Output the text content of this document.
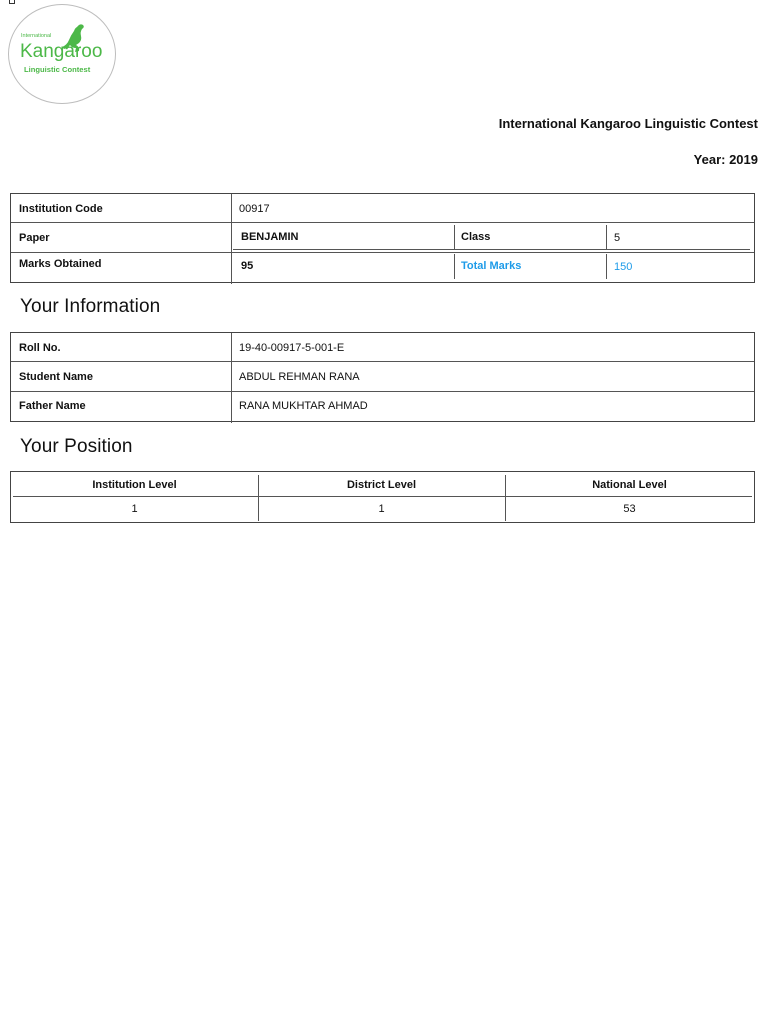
International
Kangaroo
Linguistic Contest
International Kangaroo Linguistic Contest
Year: 2019
Institution Code	00917
Paper	BENJAMIN	Class	5
Marks Obtained	95	Total Marks	150
Your Information
Roll No.	19-40-00917-5-001-E
Student Name	ABDUL REHMAN RANA
Father Name	RANA MUKHTAR AHMAD
Your Position
Institution Level	District Level	National Level
1	1	53
